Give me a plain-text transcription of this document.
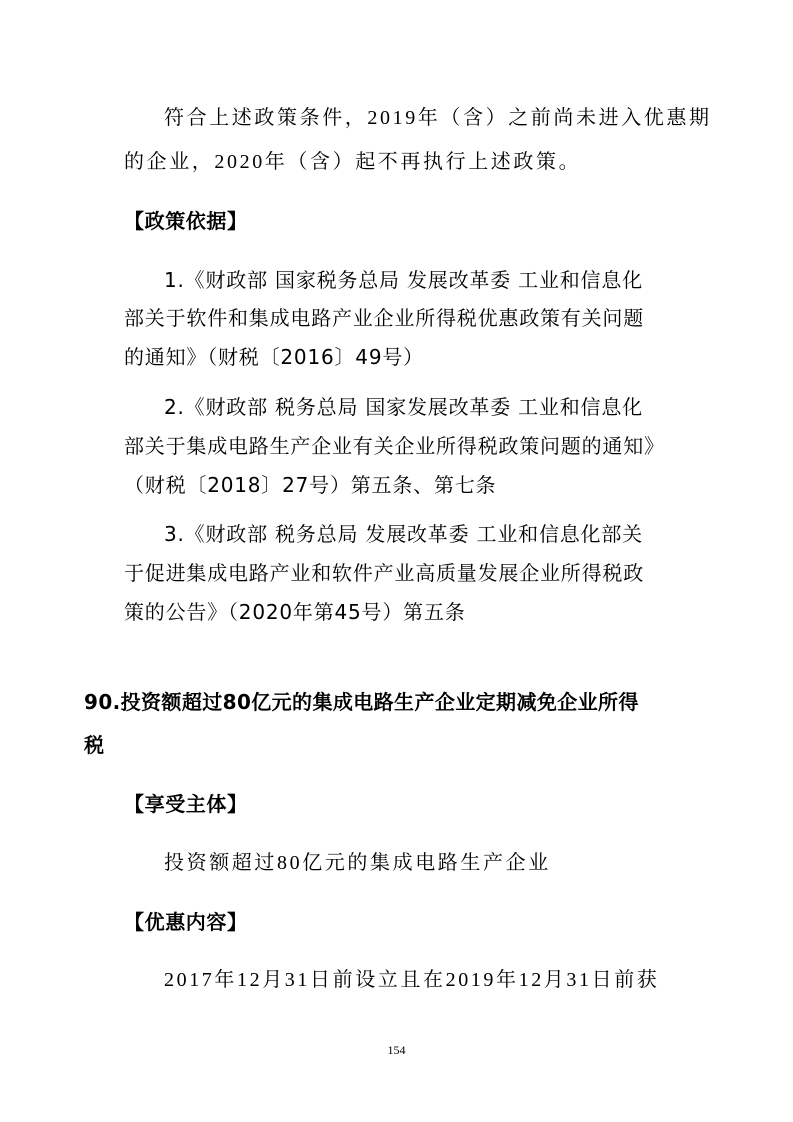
符合上述政策条件，2019年（含）之前尚未进入优惠期

的企业，2020年（含）起不再执行上述政策。

【政策依据】

1.《财政部 国家税务总局 发展改革委 工业和信息化

部关于软件和集成电路产业企业所得税优惠政策有关问题

的通知》（财税〔2016〕49号）

2.《财政部 税务总局 国家发展改革委 工业和信息化

部关于集成电路生产企业有关企业所得税政策问题的通知》

（财税〔2018〕27号）第五条、第七条

3.《财政部 税务总局 发展改革委 工业和信息化部关

于促进集成电路产业和软件产业高质量发展企业所得税政

策的公告》（2020年第45号）第五条

90.投资额超过80亿元的集成电路生产企业定期减免企业所得

税

【享受主体】

投资额超过80亿元的集成电路生产企业

【优惠内容】

2017年12月31日前设立且在2019年12月31日前获

154
